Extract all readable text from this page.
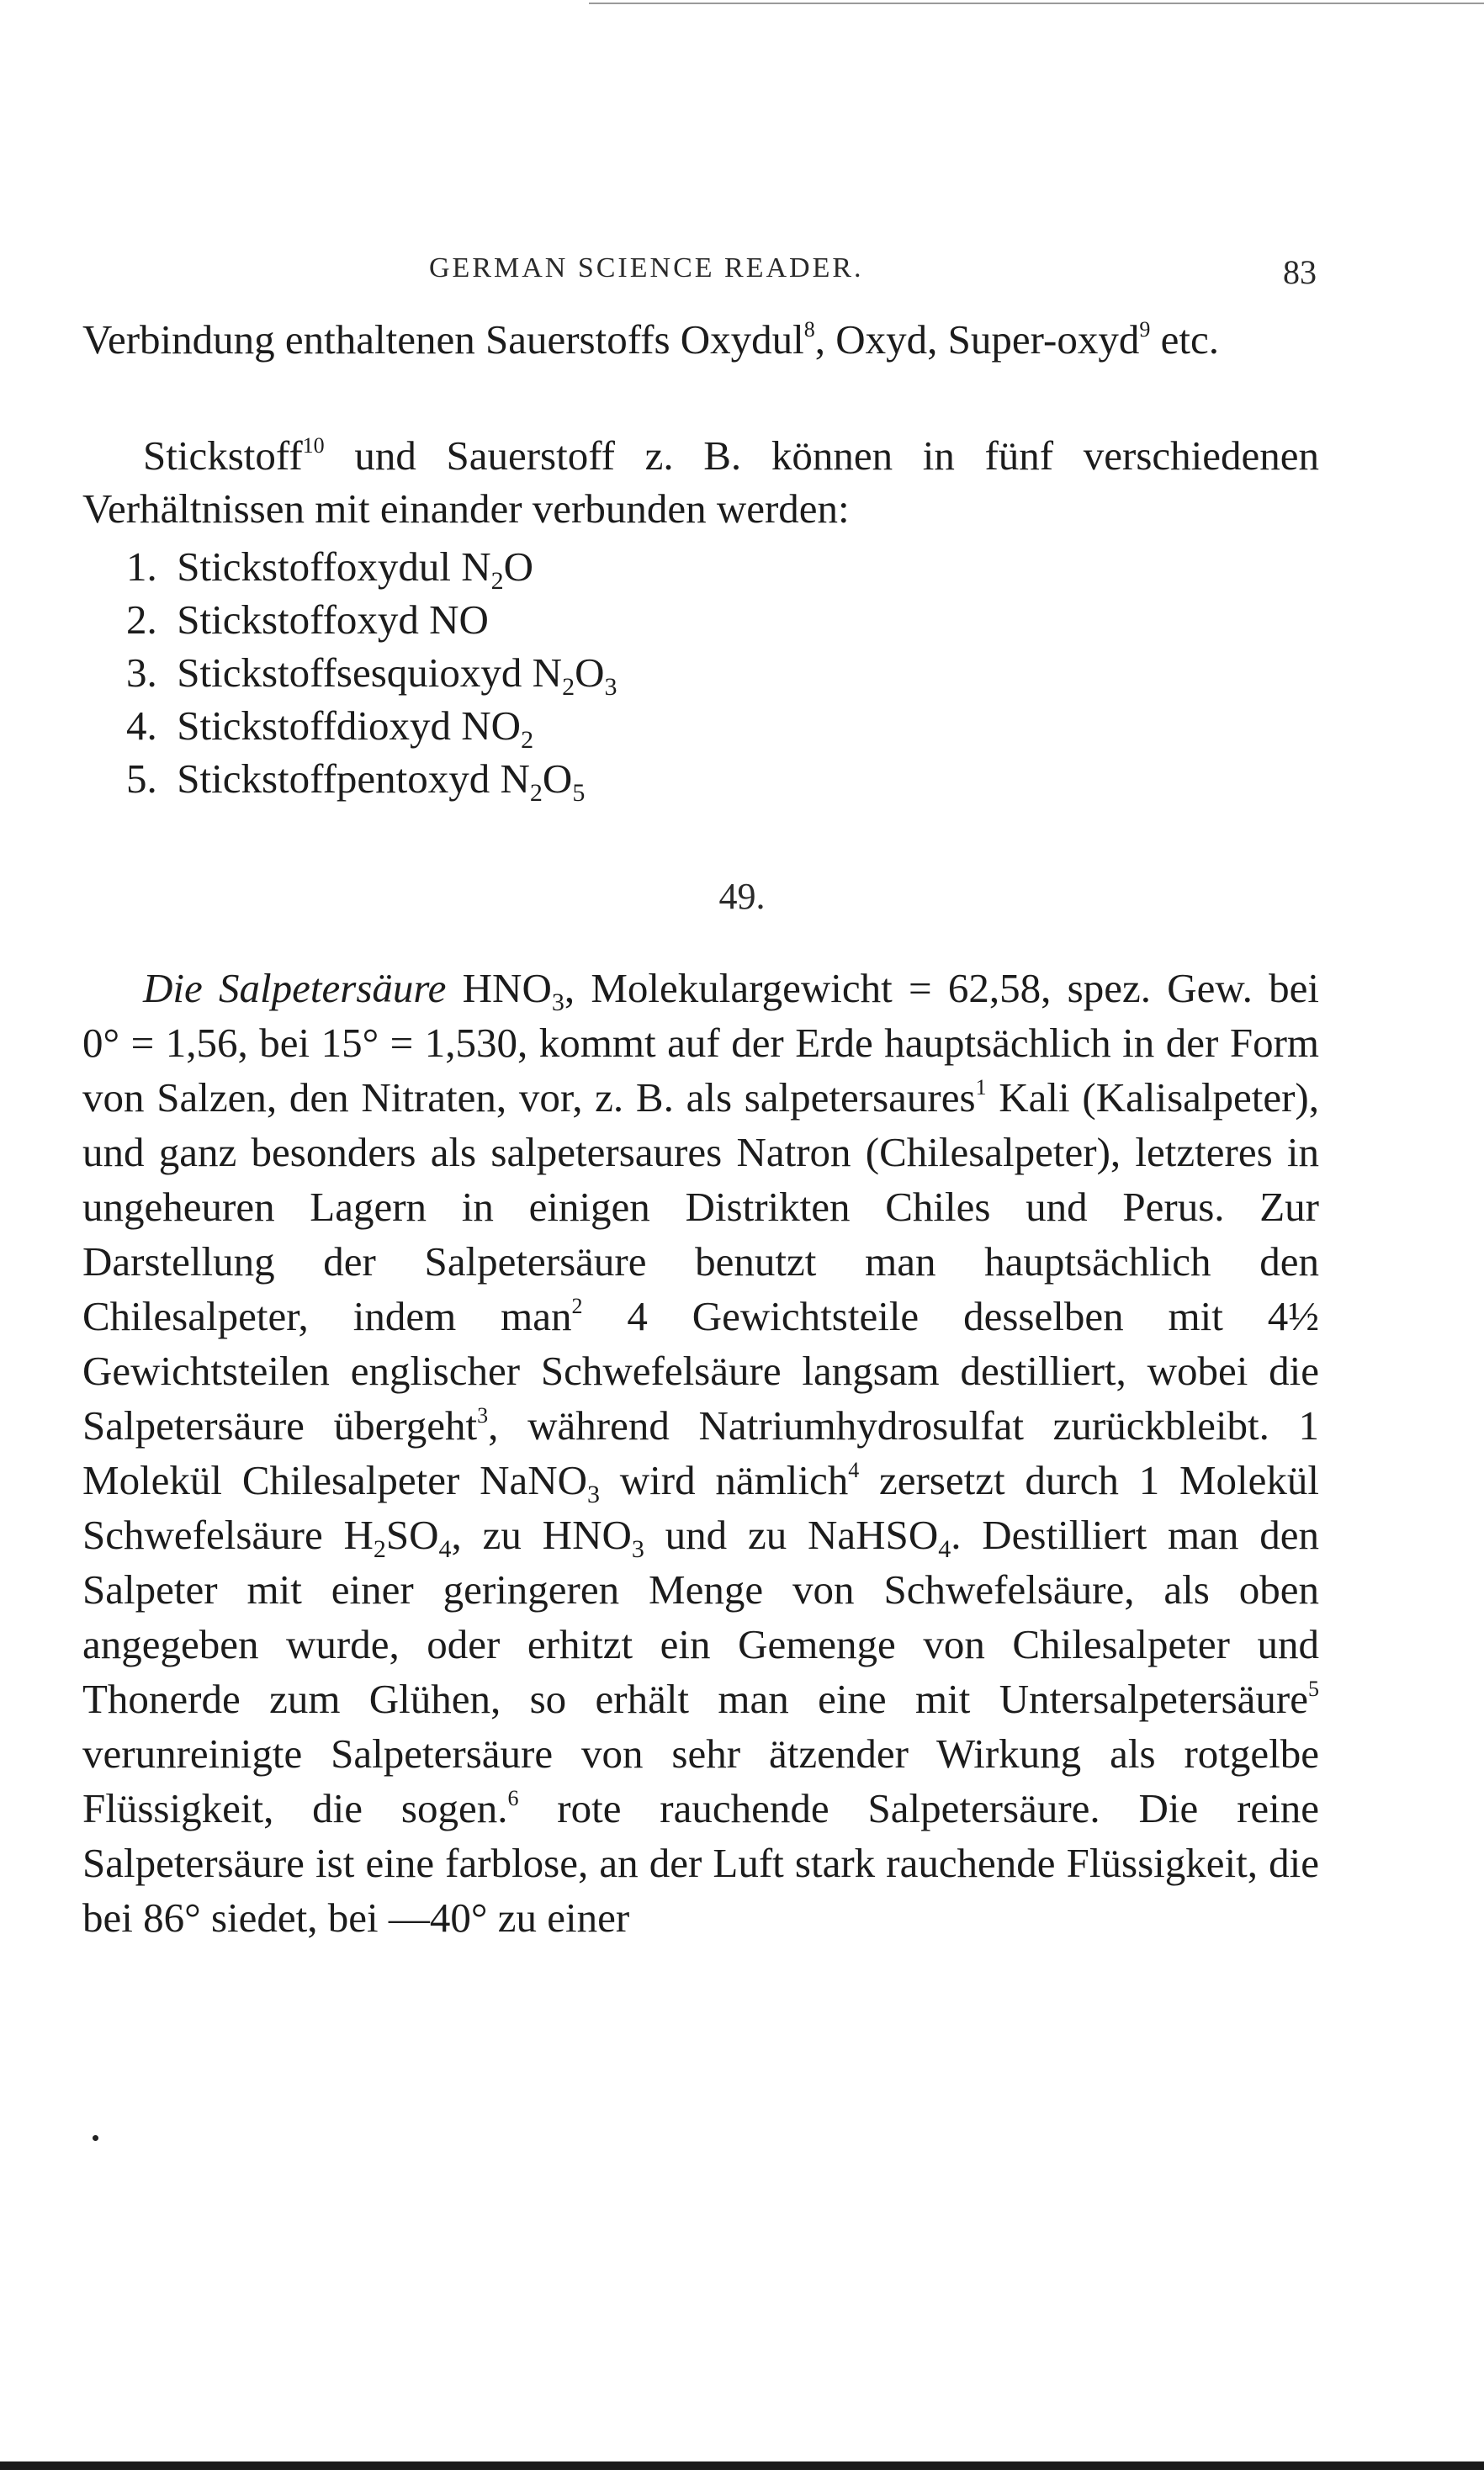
GERMAN SCIENCE READER.	83

Verbindung enthaltenen Sauerstoffs Oxydul$^8$, Oxyd, Super-oxyd$^9$ etc.

Stickstoff$^{10}$ und Sauerstoff z. B. können in fünf verschiedenen Verhältnissen mit einander verbunden werden:

1. Stickstoffoxydul $N_2O$
2. Stickstoffoxyd NO
3. Stickstoffsesquioxyd $N_2O_3$
4. Stickstoffdioxyd $NO_2$
5. Stickstoffpentoxyd $N_2O_5$
49.

Die Salpetersäure $HNO_3$, Molekulargewicht = 62,58, spez. Gew. bei 0° = 1,56, bei 15° = 1,530, kommt auf der Erde hauptsächlich in der Form von Salzen, den Nitraten, vor, z. B. als salpetersaures$^1$ Kali (Kalisalpeter), und ganz besonders als salpetersaures Natron (Chilesalpeter), letzteres in ungeheuren Lagern in einigen Distrikten Chiles und Perus. Zur Darstellung der Salpetersäure benutzt man hauptsächlich den Chilesalpeter, indem man$^2$ 4 Gewichtsteile desselben mit 4½ Gewichtsteilen englischer Schwefelsäure langsam destilliert, wobei die Salpetersäure übergeht$^3$, während Natriumhydrosulfat zurückbleibt. 1 Molekül Chilesalpeter NaNO$_3$ wird nämlich$^4$ zersetzt durch 1 Molekül Schwefelsäure $H_2SO_4$, zu $HNO_3$ und zu NaHSO$_4$. Destilliert man den Salpeter mit einer geringeren Menge von Schwefelsäure, als oben angegeben wurde, oder erhitzt ein Gemenge von Chilesalpeter und Thonerde zum Glühen, so erhält man eine mit Untersalpetersäure$^5$ verunreinigte Salpetersäure von sehr ätzender Wirkung als rotgelbe Flüssigkeit, die sogen.$^6$ rote rauchende Salpetersäure. Die reine Salpetersäure ist eine farblose, an der Luft stark rauchende Flüssigkeit, die bei 86° siedet, bei —40° zu einer
